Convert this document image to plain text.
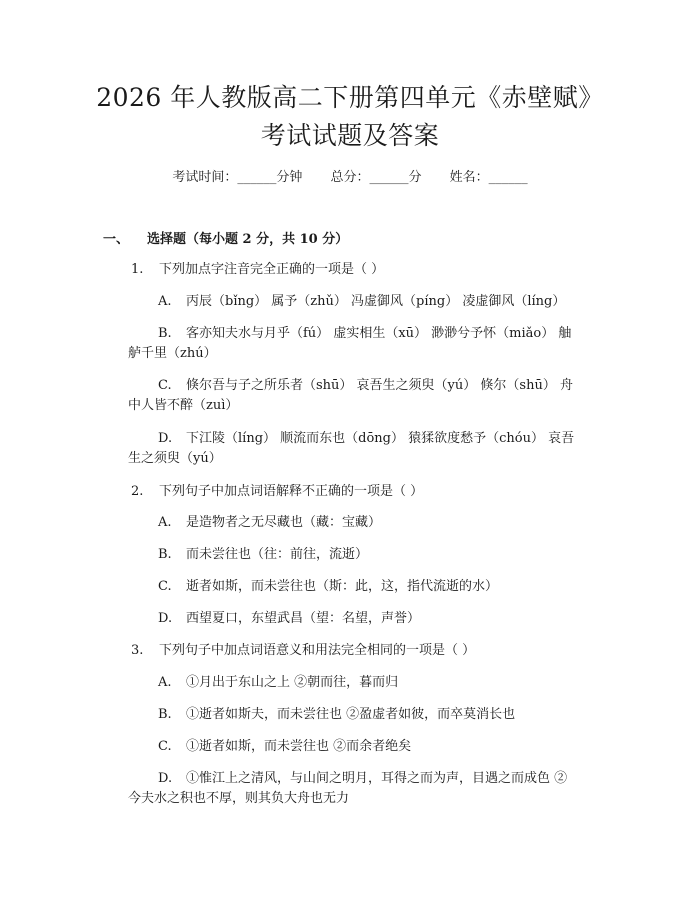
2026 年人教版高二下册第四单元《赤壁赋》
考试试题及答案
考试时间：______分钟 总分：______分 姓名：______
一、 选择题（每小题 2 分，共 10 分）
1. 下列加点字注音完全正确的一项是（ ）
A. 丙辰（bǐng） 属予（zhǔ） 冯虚御风（píng） 凌虚御风（líng）
B. 客亦知夫水与月乎（fú） 虚实相生（xū） 渺渺兮予怀（miǎo） 舳
舻千里（zhú）
C. 倏尔吾与子之所乐者（shū） 哀吾生之须臾（yú） 倏尔（shū） 舟
中人皆不醉（zuì）
D. 下江陵（líng） 顺流而东也（dōng） 猿猱欲度愁予（chóu） 哀吾
生之须臾（yú）
2. 下列句子中加点词语解释不正确的一项是（ ）
A. 是造物者之无尽藏也（藏：宝藏）
B. 而未尝往也（往：前往，流逝）
C. 逝者如斯，而未尝往也（斯：此，这，指代流逝的水）
D. 西望夏口，东望武昌（望：名望，声誉）
3. 下列句子中加点词语意义和用法完全相同的一项是（ ）
A. ①月出于东山之上 ②朝而往，暮而归
B. ①逝者如斯夫，而未尝往也 ②盈虚者如彼，而卒莫消长也
C. ①逝者如斯，而未尝往也 ②而余者绝矣
D. ①惟江上之清风，与山间之明月，耳得之而为声，目遇之而成色 ②
今夫水之积也不厚，则其负大舟也无力
